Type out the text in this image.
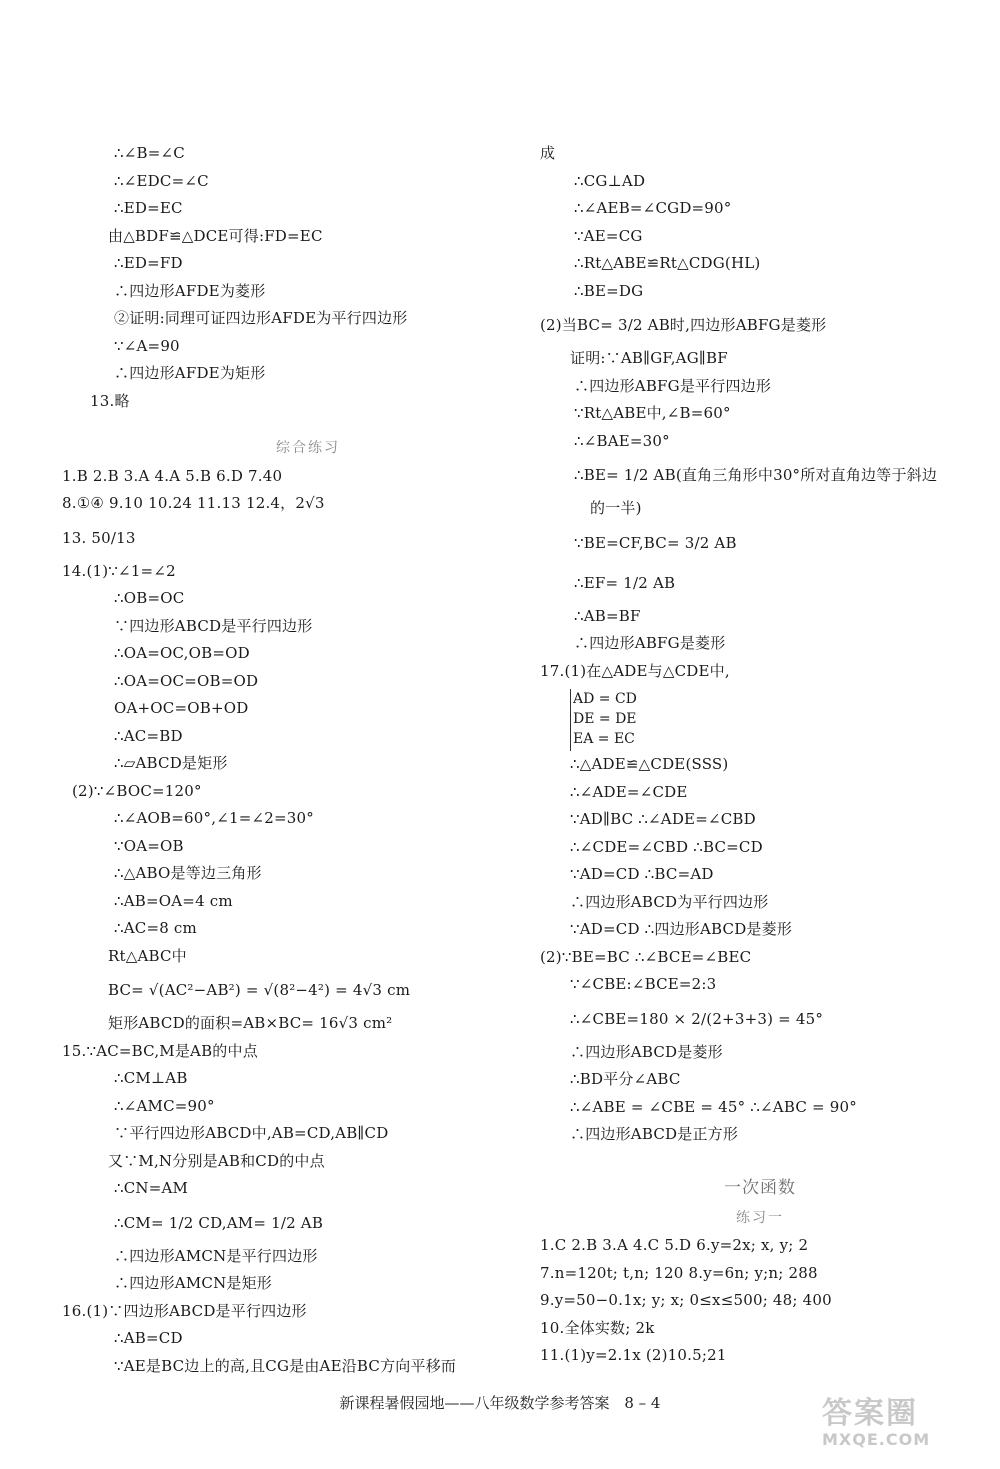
∴∠B=∠C
∴∠EDC=∠C
∴ED=EC
由△BDF≌△DCE可得:FD=EC
∴ED=FD
∴四边形AFDE为菱形
②证明:同理可证四边形AFDE为平行四边形
∵∠A=90
∴四边形AFDE为矩形
13.略
综合练习
1.B 2.B 3.A 4.A 5.B 6.D 7.40
8.①④ 9.10 10.24 11.13 12.4，2√3
13. 50/13
14.(1)∵∠1=∠2
∴OB=OC
∵四边形ABCD是平行四边形
∴OA=OC,OB=OD
∴OA=OC=OB=OD
OA+OC=OB+OD
∴AC=BD
∴▱ABCD是矩形
(2)∵∠BOC=120°
∴∠AOB=60°,∠1=∠2=30°
∵OA=OB
∴△ABO是等边三角形
∴AB=OA=4 cm
∴AC=8 cm
Rt△ABC中
BC= √(AC²−AB²) = √(8²−4²) = 4√3 cm
矩形ABCD的面积=AB×BC= 16√3 cm²
15.∵AC=BC,M是AB的中点
∴CM⊥AB
∴∠AMC=90°
∵平行四边形ABCD中,AB=CD,AB∥CD
又∵M,N分别是AB和CD的中点
∴CN=AM
∴CM= 1/2 CD,AM= 1/2 AB
∴四边形AMCN是平行四边形
∴四边形AMCN是矩形
16.(1)∵四边形ABCD是平行四边形
∴AB=CD
∵AE是BC边上的高,且CG是由AE沿BC方向平移而
成
∴CG⊥AD
∴∠AEB=∠CGD=90°
∵AE=CG
∴Rt△ABE≌Rt△CDG(HL)
∴BE=DG
(2)当BC= 3/2 AB时,四边形ABFG是菱形
证明:∵AB∥GF,AG∥BF
∴四边形ABFG是平行四边形
∵Rt△ABE中,∠B=60°
∴∠BAE=30°
∴BE= 1/2 AB(直角三角形中30°所对直角边等于斜边
的一半)
∵BE=CF,BC= 3/2 AB
∴EF= 1/2 AB
∴AB=BF
∴四边形ABFG是菱形
17.(1)在△ADE与△CDE中,
AD = CD
DE = DE
EA = EC
∴△ADE≌△CDE(SSS)
∴∠ADE=∠CDE
∵AD∥BC ∴∠ADE=∠CBD
∴∠CDE=∠CBD ∴BC=CD
∵AD=CD ∴BC=AD
∴四边形ABCD为平行四边形
∵AD=CD ∴四边形ABCD是菱形
(2)∵BE=BC ∴∠BCE=∠BEC
∵∠CBE:∠BCE=2:3
∴∠CBE=180 × 2/(2+3+3) = 45°
∴四边形ABCD是菱形
∴BD平分∠ABC
∴∠ABE = ∠CBE = 45° ∴∠ABC = 90°
∴四边形ABCD是正方形
一次函数
练习一
1.C 2.B 3.A 4.C 5.D 6.y=2x; x, y; 2
7.n=120t; t,n; 120 8.y=6n; y;n; 288
9.y=50−0.1x; y; x; 0≤x≤500; 48; 400
10.全体实数; 2k
11.(1)y=2.1x (2)10.5;21
新课程暑假园地——八年级数学参考答案 8 – 4	答案圈
MXQE.COM
